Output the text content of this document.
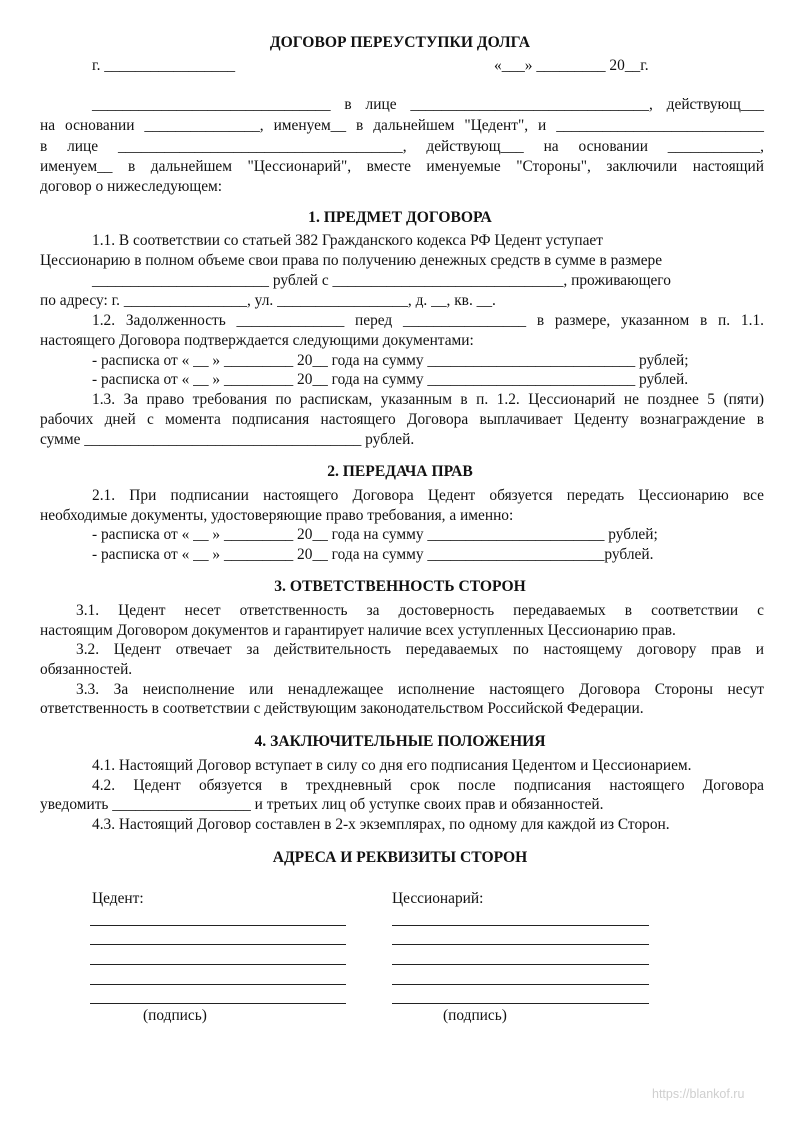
ДОГОВОР ПЕРЕУСТУПКИ ДОЛГА
г. _________________	«___» _________ 20__г.
_______________________________ в лице _______________________________, действующ___
на основании _______________, именуем__ в дальнейшем "Цедент", и ___________________________
в лице _____________________________________, действующ___ на основании ____________,
именуем__ в дальнейшем "Цессионарий", вместе именуемые "Стороны", заключили настоящий
договор о нижеследующем:
1. ПРЕДМЕТ ДОГОВОРА
1.1. В соответствии со статьей 382 Гражданского кодекса РФ Цедент уступает
Цессионарию в полном объеме свои права по получению денежных средств в сумме в размере
_______________________ рублей с ______________________________, проживающего
по адресу: г. ________________, ул. _________________, д. __, кв. __.
1.2. Задолженность ______________ перед ________________ в размере, указанном в п. 1.1.
настоящего Договора подтверждается следующими документами:
- расписка от « __ » _________ 20__ года на сумму ___________________________ рублей;
- расписка от « __ » _________ 20__ года на сумму ___________________________ рублей.
1.3. За право требования по распискам, указанным в п. 1.2. Цессионарий не позднее 5 (пяти)
рабочих дней с момента подписания настоящего Договора выплачивает Цеденту вознаграждение в
сумме ____________________________________ рублей.
2. ПЕРЕДАЧА ПРАВ
2.1. При подписании настоящего Договора Цедент обязуется передать Цессионарию все
необходимые документы, удостоверяющие право требования, а именно:
- расписка от « __ » _________ 20__ года на сумму _______________________ рублей;
- расписка от « __ » _________ 20__ года на сумму _______________________рублей.
3. ОТВЕТСТВЕННОСТЬ СТОРОН
3.1. Цедент несет ответственность за достоверность передаваемых в соответствии с
настоящим Договором документов и гарантирует наличие всех уступленных Цессионарию прав.
3.2. Цедент отвечает за действительность передаваемых по настоящему договору прав и
обязанностей.
3.3. За неисполнение или ненадлежащее исполнение настоящего Договора Стороны несут
ответственность в соответствии с действующим законодательством Российской Федерации.
4. ЗАКЛЮЧИТЕЛЬНЫЕ ПОЛОЖЕНИЯ
4.1. Настоящий Договор вступает в силу со дня его подписания Цедентом и Цессионарием.
4.2. Цедент обязуется в трехдневный срок после подписания настоящего Договора
уведомить __________________ и третьих лиц об уступке своих прав и обязанностей.
4.3. Настоящий Договор составлен в 2-х экземплярах, по одному для каждой из Сторон.
АДРЕСА И РЕКВИЗИТЫ СТОРОН
Цедент:	Цессионарий:
(подпись)	(подпись)
https://blankof.ru
